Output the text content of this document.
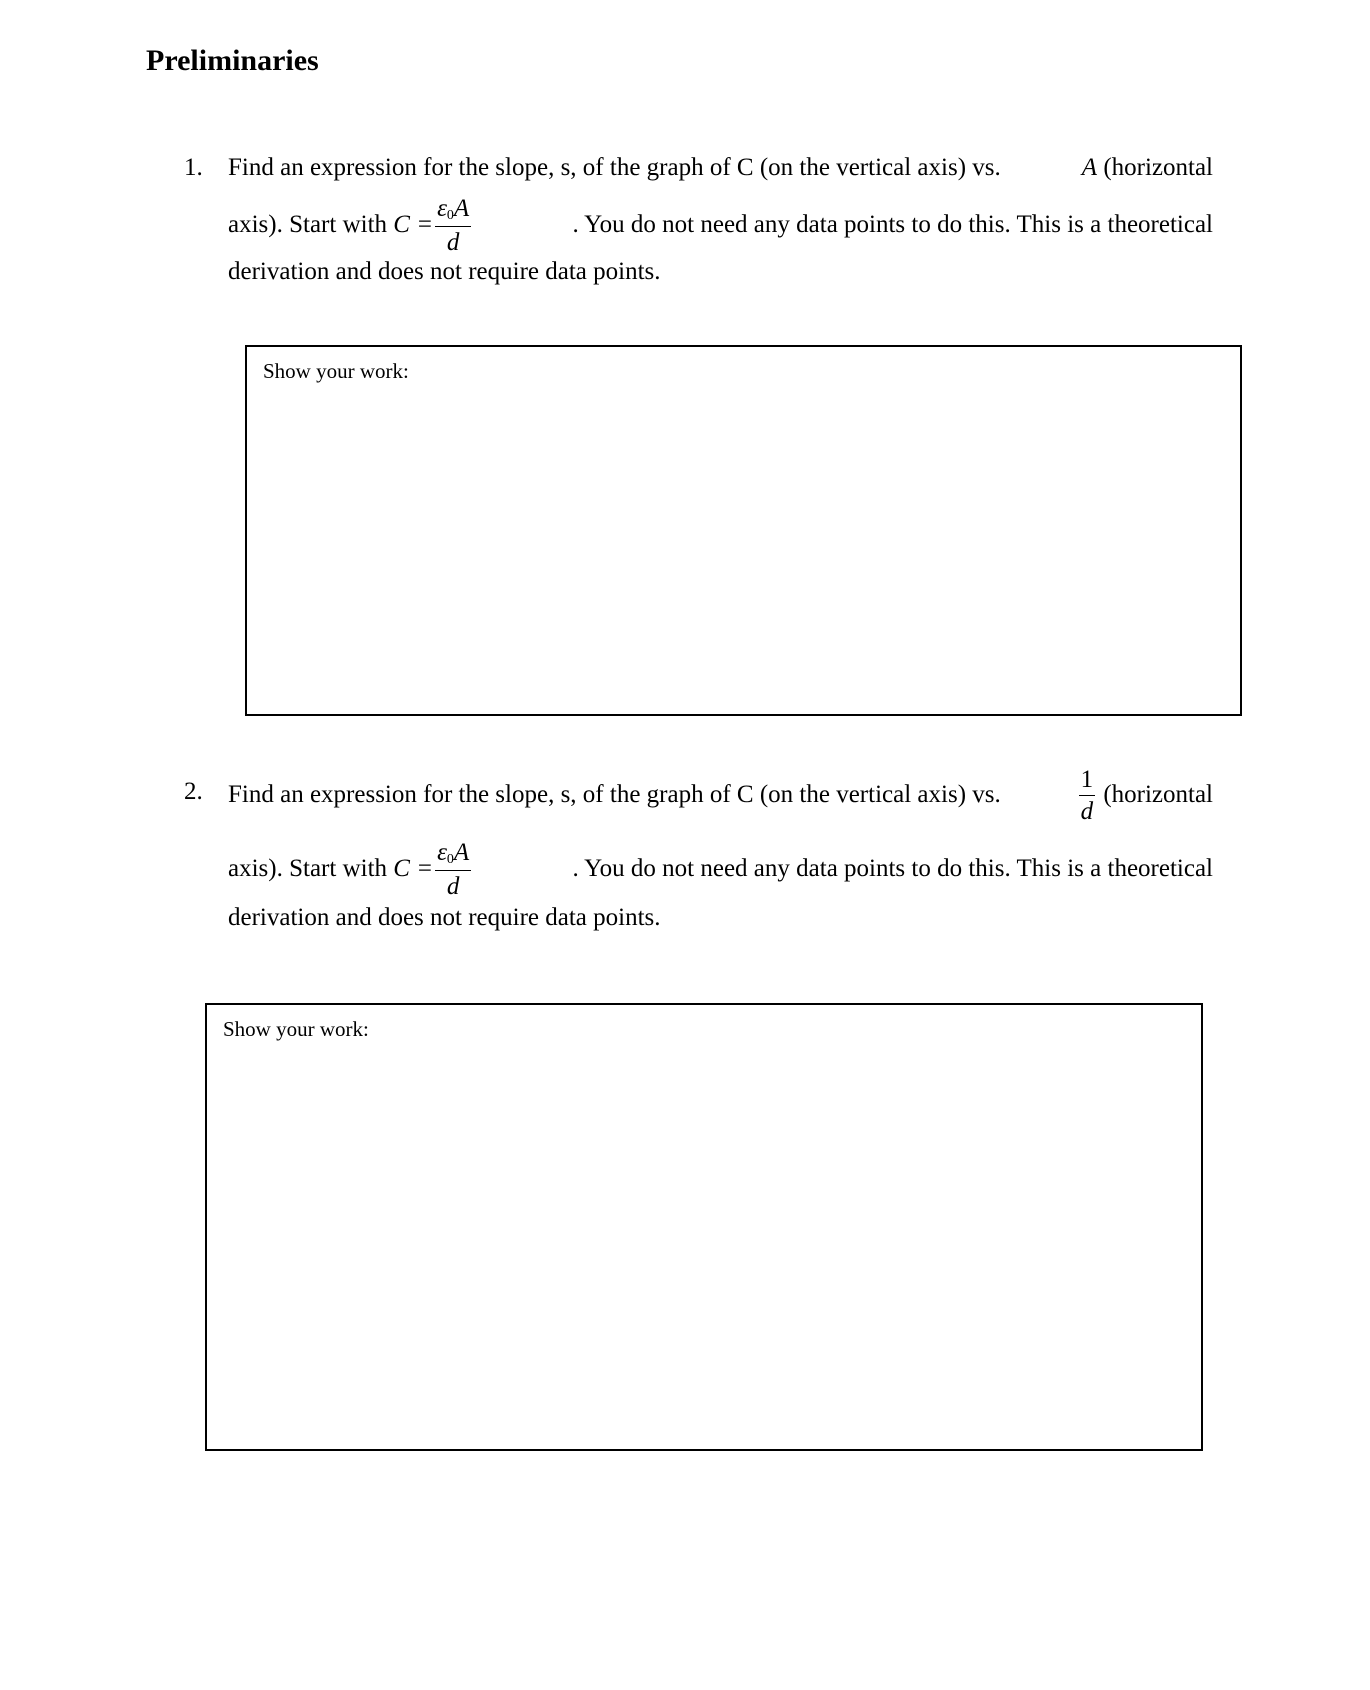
Preliminaries
1. Find an expression for the slope, s, of the graph of C (on the vertical axis) vs.	A (horizontal
axis). Start with
$C = \frac{\varepsilon_0A}{d}$	. You do not need any data points to do this. This is a theoretical
derivation and does not require data points.
Show your work:
2. Find an expression for the slope, s, of the graph of C (on the vertical axis) vs.	$\frac{1}{d}$
(horizontal
axis). Start with
$C = \frac{\varepsilon_0A}{d}$	. You do not need any data points to do this. This is a theoretical
derivation and does not require data points.
Show your work:
